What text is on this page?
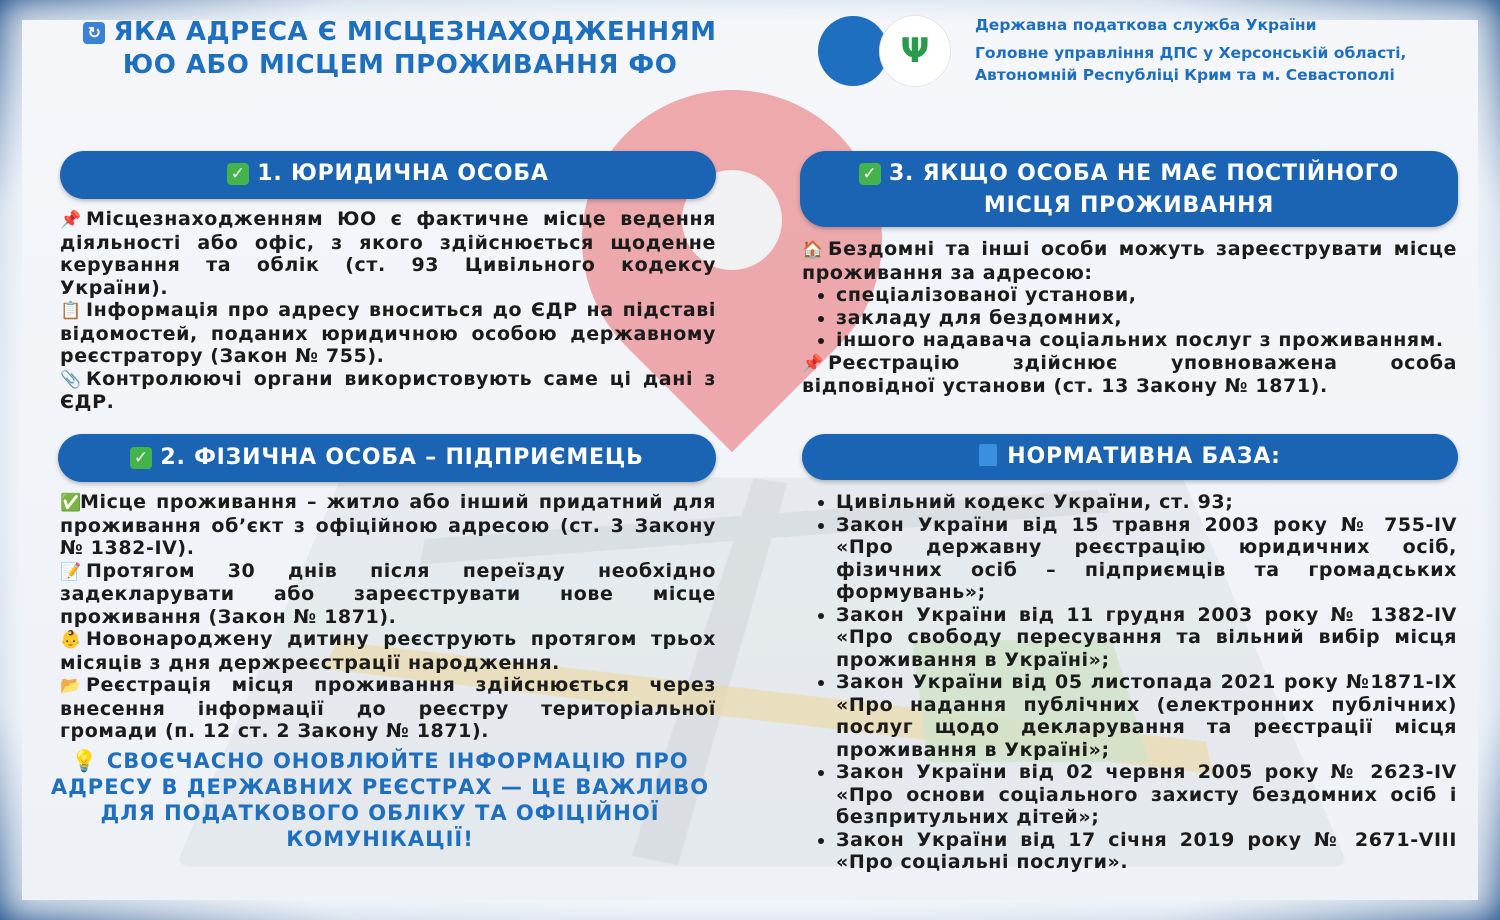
↻ ЯКА АДРЕСА Є МІСЦЕЗНАХОДЖЕННЯМ
ЮО АБО МІСЦЕМ ПРОЖИВАННЯ ФО	Ψ
Державна податкова служба України
Головне управління ДПС у Херсонській області,
Автономній Республіці Крим та м. Севастополі
✓ 1. ЮРИДИЧНА ОСОБА

📌 Місцезнаходженням ЮО є фактичне місце ведення діяльності або офіс, з якого здійснюється щоденне керування та облік (ст. 93 Цивільного кодексу України).

📋 Інформація про адресу вноситься до ЄДР на підставі відомостей, поданих юридичною особою державному реєстратору (Закон № 755).

📎 Контролюючі органи використовують саме ці дані з ЄДР.

✓ 2. ФІЗИЧНА ОСОБА – ПІДПРИЄМЕЦЬ

✅Місце проживання – житло або інший придатний для проживання об’єкт з офіційною адресою (ст. 3 Закону № 1382-IV).

📝 Протягом 30 днів після переїзду необхідно задекларувати або зареєструвати нове місце проживання (Закон № 1871).

👶 Новонароджену дитину реєструють протягом трьох місяців з дня держреєстрації народження.

📂 Реєстрація місця проживання здійснюється через внесення інформації до реєстру територіальної громади (п. 12 ст. 2 Закону № 1871).

💡 СВОЄЧАСНО ОНОВЛЮЙТЕ ІНФОРМАЦІЮ ПРО АДРЕСУ В ДЕРЖАВНИХ РЕЄСТРАХ — ЦЕ ВАЖЛИВО ДЛЯ ПОДАТКОВОГО ОБЛІКУ ТА ОФІЦІЙНОЇ КОМУНІКАЦІЇ!
✓ 3. ЯКЩО ОСОБА НЕ МАЄ ПОСТІЙНОГО
МІСЦЯ ПРОЖИВАННЯ

🏠 Бездомні та інші особи можуть зареєструвати місце проживання за адресою:

• спеціалізованої установи,
• закладу для бездомних,
• іншого надавача соціальних послуг з проживанням.

📌 Реєстрацію здійснює уповноважена особа відповідної установи (ст. 13 Закону № 1871).

НОРМАТИВНА БАЗА:
• Цивільний кодекс України, ст. 93;
• Закон України від 15 травня 2003 року № 755-IV «Про державну реєстрацію юридичних осіб, фізичних осіб – підприємців та громадських формувань»;
• Закон України від 11 грудня 2003 року № 1382-IV «Про свободу пересування та вільний вибір місця проживання в Україні»;
• Закон України від 05 листопада 2021 року №1871-IX «Про надання публічних (електронних публічних) послуг щодо декларування та реєстрації місця проживання в Україні»;
• Закон України від 02 червня 2005 року № 2623-IV «Про основи соціального захисту бездомних осіб і безпритульних дітей»;
• Закон України від 17 січня 2019 року № 2671-VIII «Про соціальні послуги».
